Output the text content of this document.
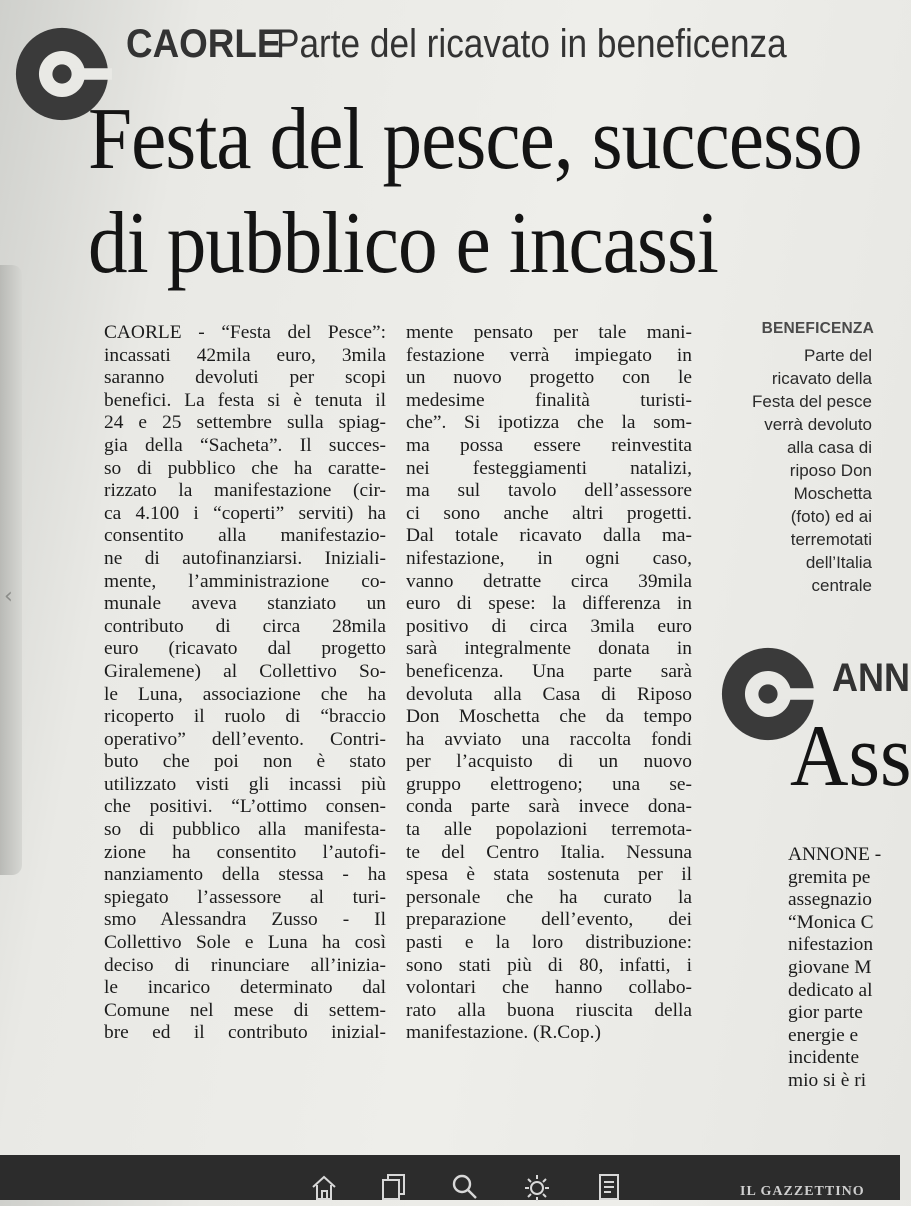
‹
CAORLE
Parte del ricavato in beneficenza
Festa del pesce, successo
di pubblico e incassi
CAORLE - “Festa del Pesce”:
incassati 42mila euro, 3mila
saranno devoluti per scopi
benefici. La festa si è tenuta il
24 e 25 settembre sulla spiag-
gia della “Sacheta”. Il succes-
so di pubblico che ha caratte-
rizzato la manifestazione (cir-
ca 4.100 i “coperti” serviti) ha
consentito alla manifestazio-
ne di autofinanziarsi. Iniziali-
mente, l’amministrazione co-
munale aveva stanziato un
contributo di circa 28mila
euro (ricavato dal progetto
Giralemene) al Collettivo So-
le Luna, associazione che ha
ricoperto il ruolo di “braccio
operativo” dell’evento. Contri-
buto che poi non è stato
utilizzato visti gli incassi più
che positivi. “L’ottimo consen-
so di pubblico alla manifesta-
zione ha consentito l’autofi-
nanziamento della stessa - ha
spiegato l’assessore al turi-
smo Alessandra Zusso - Il
Collettivo Sole e Luna ha così
deciso di rinunciare all’inizia-
le incarico determinato dal
Comune nel mese di settem-
bre ed il contributo inizial-
mente pensato per tale mani-
festazione verrà impiegato in
un nuovo progetto con le
medesime finalità turisti-
che”. Si ipotizza che la som-
ma possa essere reinvestita
nei festeggiamenti natalizi,
ma sul tavolo dell’assessore
ci sono anche altri progetti.
Dal totale ricavato dalla ma-
nifestazione, in ogni caso,
vanno detratte circa 39mila
euro di spese: la differenza in
positivo di circa 3mila euro
sarà integralmente donata in
beneficenza. Una parte sarà
devoluta alla Casa di Riposo
Don Moschetta che da tempo
ha avviato una raccolta fondi
per l’acquisto di un nuovo
gruppo elettrogeno; una se-
conda parte sarà invece dona-
ta alle popolazioni terremota-
te del Centro Italia. Nessuna
spesa è stata sostenuta per il
personale che ha curato la
preparazione dell’evento, dei
pasti e la loro distribuzione:
sono stati più di 80, infatti, i
volontari che hanno collabo-
rato alla buona riuscita della
manifestazione. (R.Cop.)
BENEFICENZA
Parte del
ricavato della
Festa del pesce
verrà devoluto
alla casa di
riposo Don
Moschetta
(foto) ed ai
terremotati
dell’Italia
centrale
ANN
Ass
ANNONE -
gremita pe
assegnazio
“Monica C
nifestazion
giovane M
dedicato al
gior parte
energie e
incidente
mio si è ri
IL GAZZETTINO
